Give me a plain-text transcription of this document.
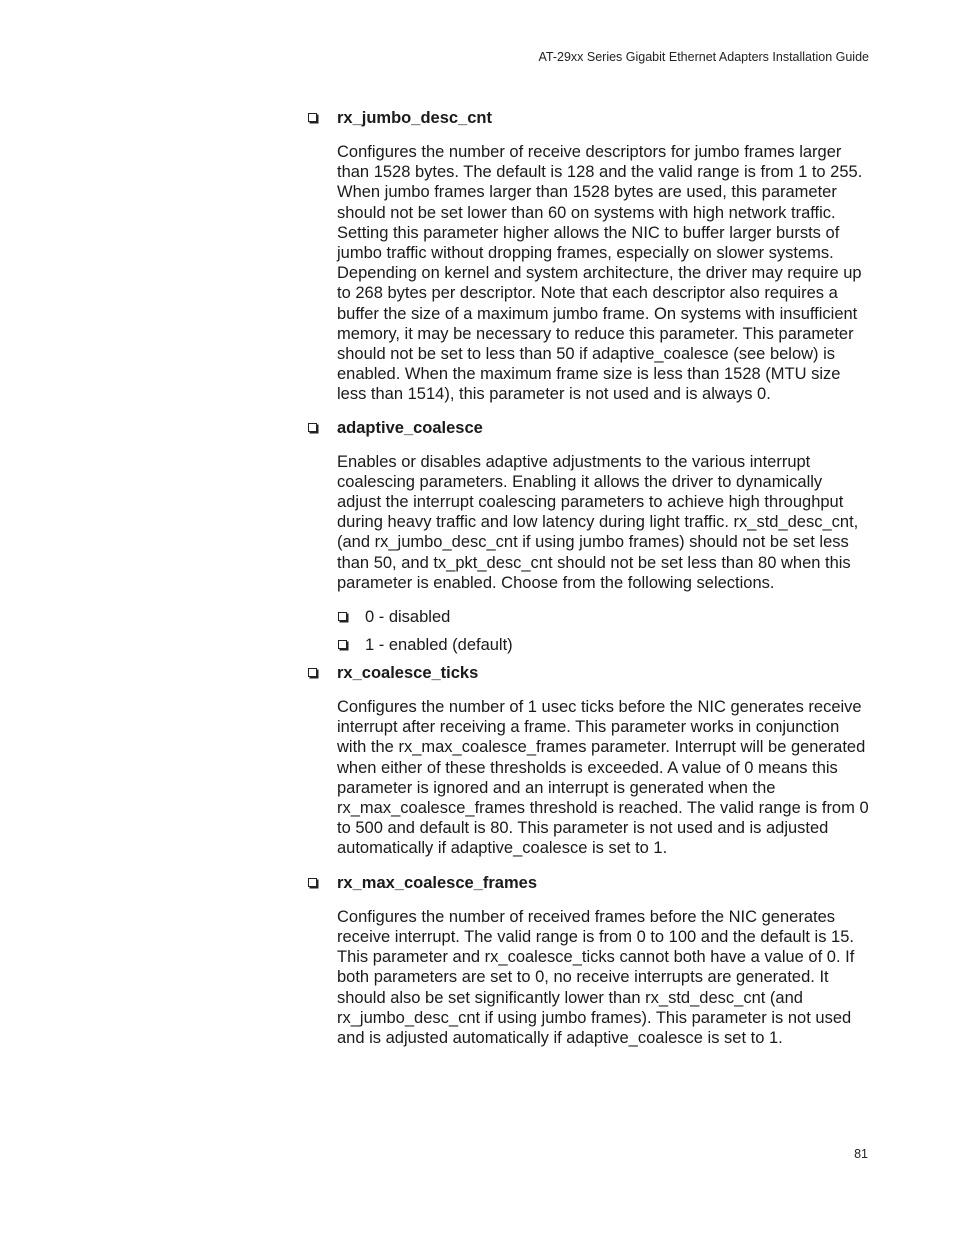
AT-29xx Series Gigabit Ethernet Adapters Installation Guide
rx_jumbo_desc_cnt

Configures the number of receive descriptors for jumbo frames larger than 1528 bytes. The default is 128 and the valid range is from 1 to 255. When jumbo frames larger than 1528 bytes are used, this parameter should not be set lower than 60 on systems with high network traffic. Setting this parameter higher allows the NIC to buffer larger bursts of jumbo traffic without dropping frames, especially on slower systems. Depending on kernel and system architecture, the driver may require up to 268 bytes per descriptor. Note that each descriptor also requires a buffer the size of a maximum jumbo frame. On systems with insufficient memory, it may be necessary to reduce this parameter. This parameter should not be set to less than 50 if adaptive_coalesce (see below) is enabled. When the maximum frame size is less than 1528 (MTU size less than 1514), this parameter is not used and is always 0.

adaptive_coalesce

Enables or disables adaptive adjustments to the various interrupt coalescing parameters. Enabling it allows the driver to dynamically adjust the interrupt coalescing parameters to achieve high throughput during heavy traffic and low latency during light traffic. rx_std_desc_cnt, (and rx_jumbo_desc_cnt if using jumbo frames) should not be set less than 50, and tx_pkt_desc_cnt should not be set less than 80 when this parameter is enabled. Choose from the following selections.

0 - disabled
1 - enabled (default)
rx_coalesce_ticks

Configures the number of 1 usec ticks before the NIC generates receive interrupt after receiving a frame. This parameter works in conjunction with the rx_max_coalesce_frames parameter. Interrupt will be generated when either of these thresholds is exceeded. A value of 0 means this parameter is ignored and an interrupt is generated when the rx_max_coalesce_frames threshold is reached. The valid range is from 0 to 500 and default is 80. This parameter is not used and is adjusted automatically if adaptive_coalesce is set to 1.

rx_max_coalesce_frames

Configures the number of received frames before the NIC generates receive interrupt. The valid range is from 0 to 100 and the default is 15. This parameter and rx_coalesce_ticks cannot both have a value of 0. If both parameters are set to 0, no receive interrupts are generated. It should also be set significantly lower than rx_std_desc_cnt (and rx_jumbo_desc_cnt if using jumbo frames). This parameter is not used and is adjusted automatically if adaptive_coalesce is set to 1.

81
